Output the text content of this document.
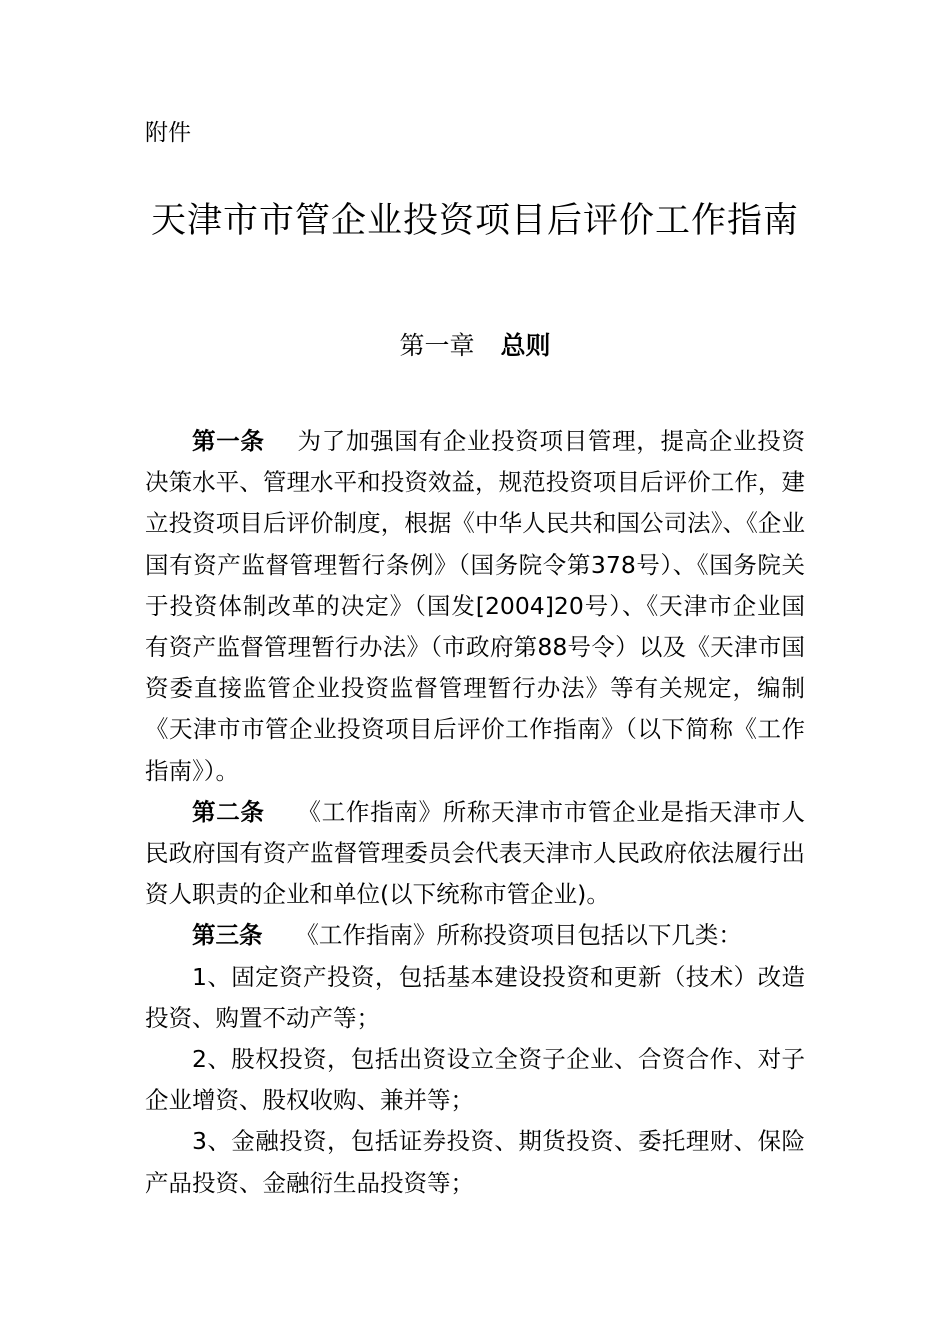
附件
天津市市管企业投资项目后评价工作指南
第一章 总则

第一条 为了加强国有企业投资项目管理，提高企业投资决策水平、管理水平和投资效益，规范投资项目后评价工作，建立投资项目后评价制度，根据《中华人民共和国公司法》、《企业国有资产监督管理暂行条例》（国务院令第378号）、《国务院关于投资体制改革的决定》（国发[2004]20号）、《天津市企业国有资产监督管理暂行办法》（市政府第88号令）以及《天津市国资委直接监管企业投资监督管理暂行办法》等有关规定，编制《天津市市管企业投资项目后评价工作指南》（以下简称《工作指南》）。

第二条 《工作指南》所称天津市市管企业是指天津市人民政府国有资产监督管理委员会代表天津市人民政府依法履行出资人职责的企业和单位(以下统称市管企业)。

第三条 《工作指南》所称投资项目包括以下几类：

1、固定资产投资，包括基本建设投资和更新（技术）改造投资、购置不动产等；

2、股权投资，包括出资设立全资子企业、合资合作、对子企业增资、股权收购、兼并等；

3、金融投资，包括证券投资、期货投资、委托理财、保险产品投资、金融衍生品投资等；
